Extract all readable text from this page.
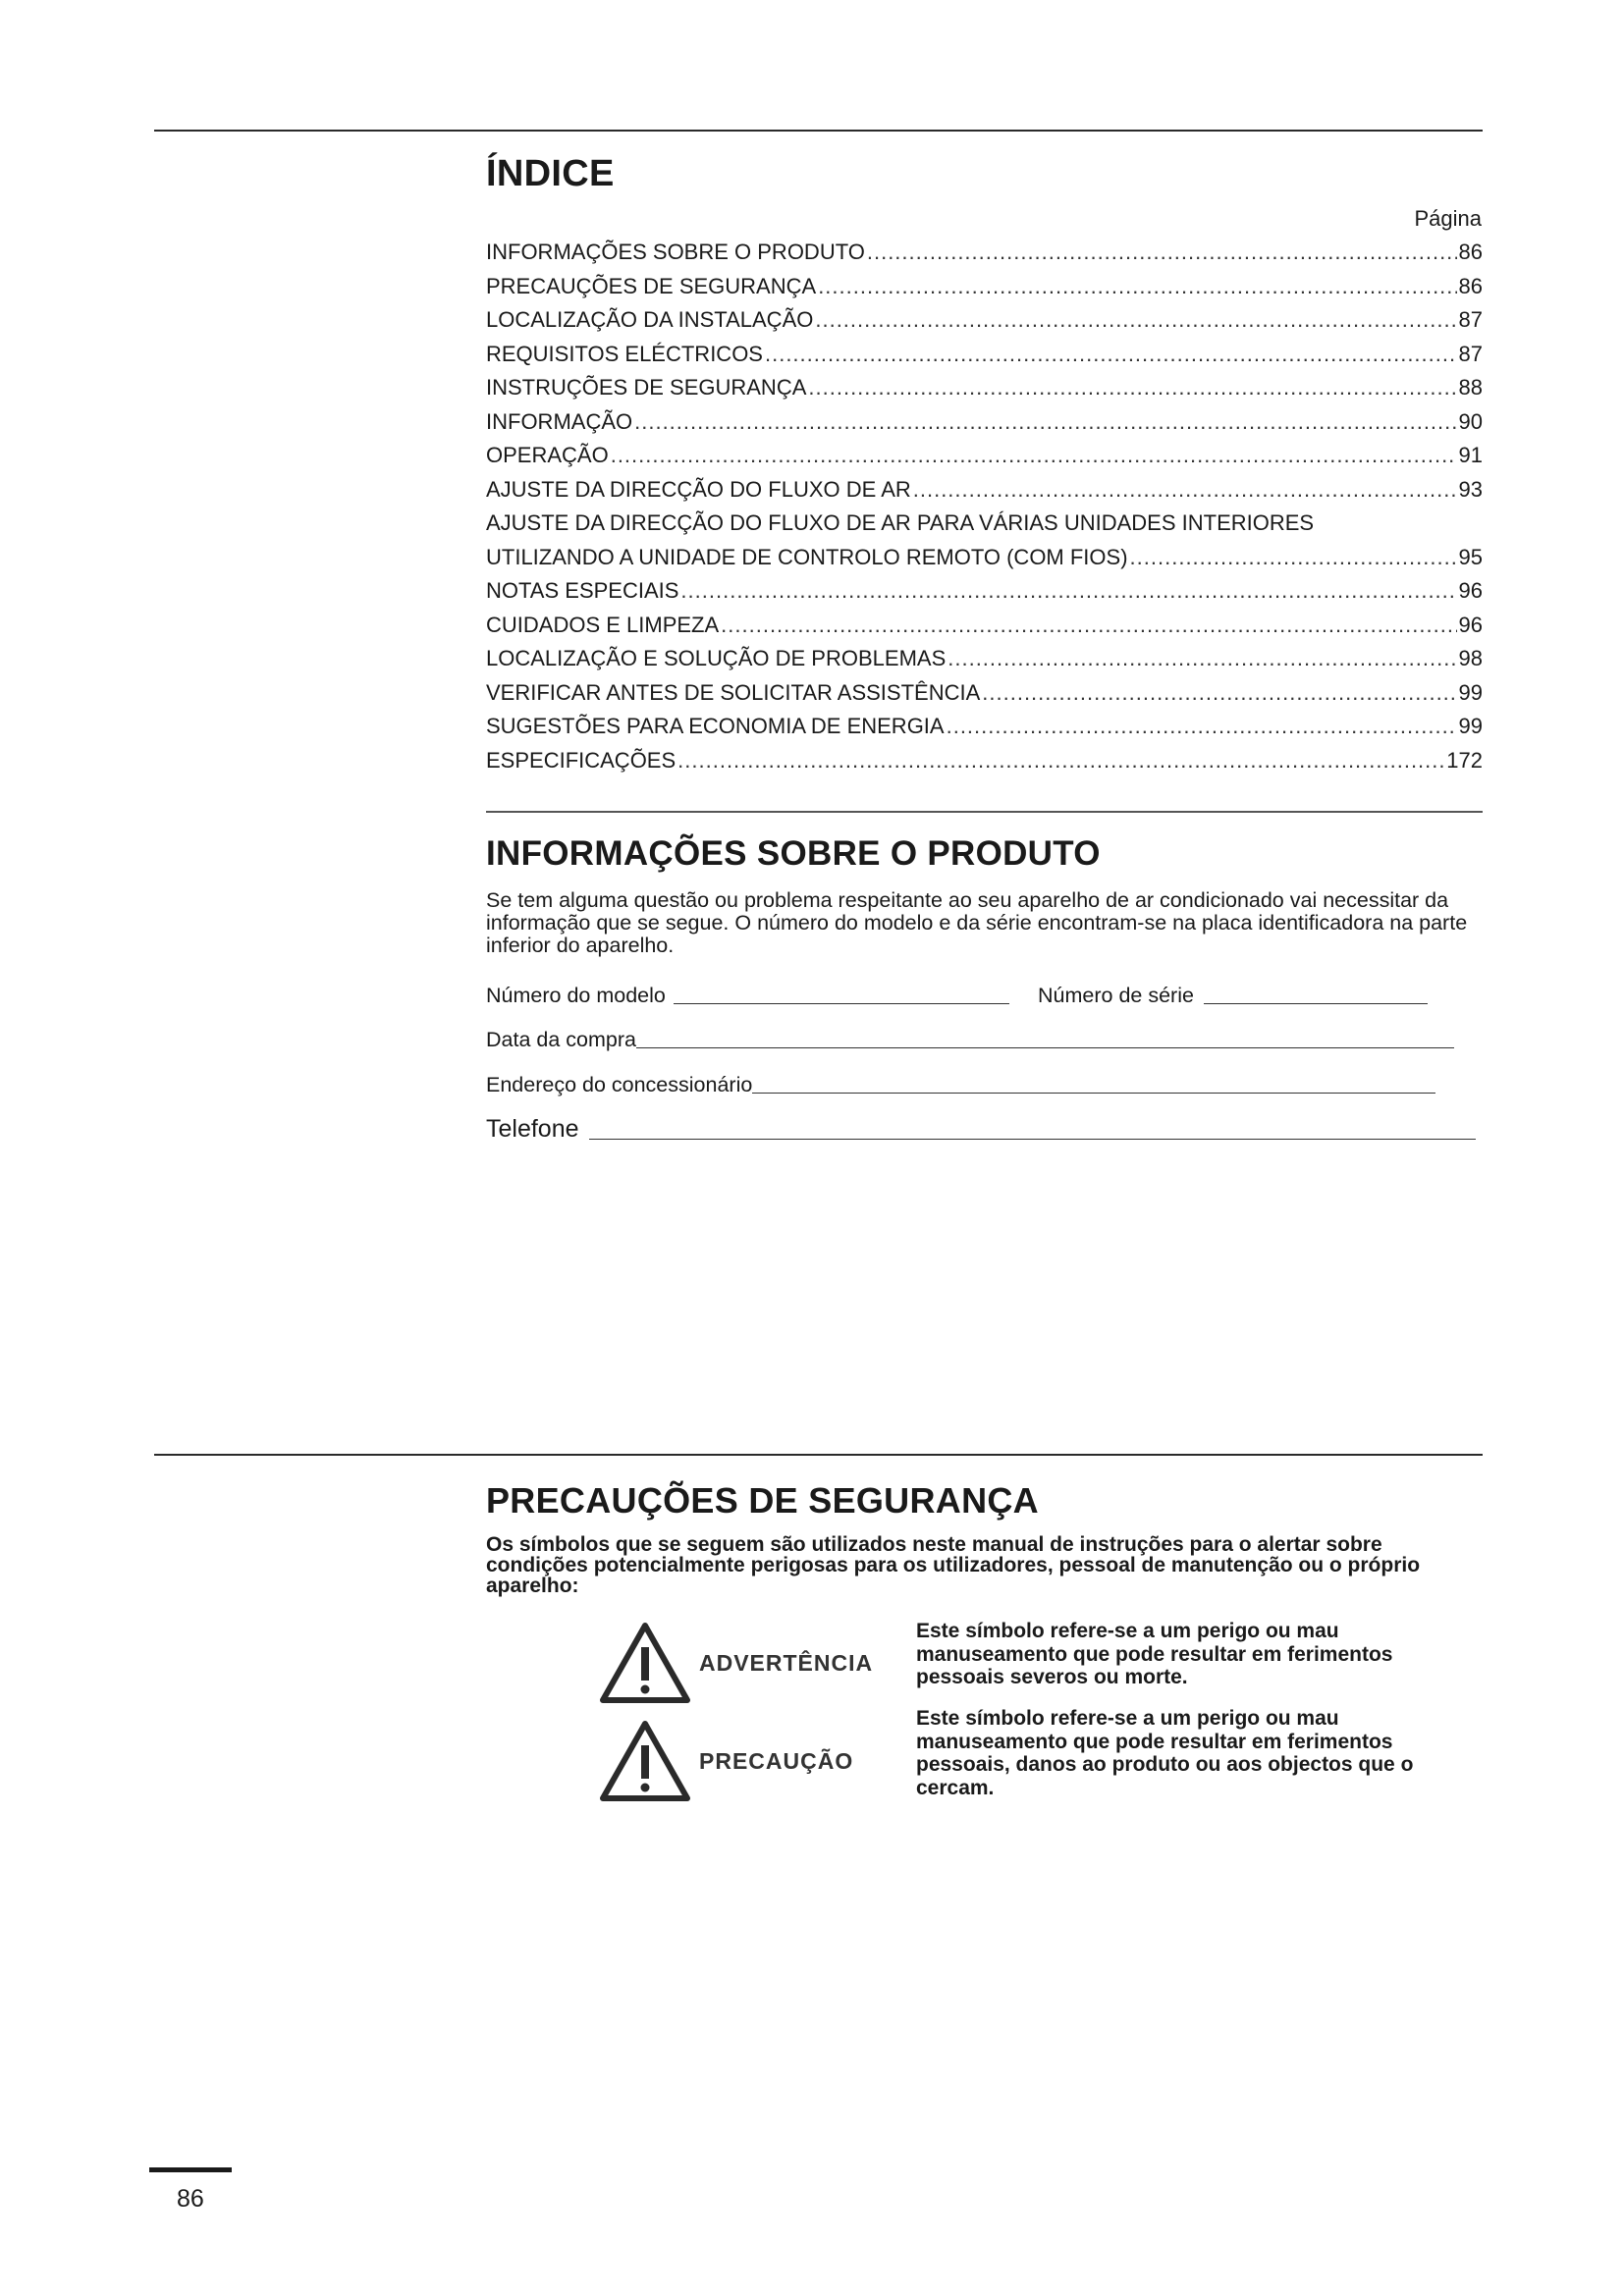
ÍNDICE
Página
INFORMAÇÕES SOBRE O PRODUTO .....	86
PRECAUÇÕES DE SEGURANÇA .....	86
LOCALIZAÇÃO DA INSTALAÇÃO .....	87
REQUISITOS ELÉCTRICOS .....	87
INSTRUÇÕES DE SEGURANÇA .....	88
INFORMAÇÃO .....	90
OPERAÇÃO .....	91
AJUSTE DA DIRECÇÃO DO FLUXO DE AR .....	93
AJUSTE DA DIRECÇÃO DO FLUXO DE AR PARA VÁRIAS UNIDADES INTERIORES
UTILIZANDO A UNIDADE DE CONTROLO REMOTO (COM FIOS) .....	95
NOTAS ESPECIAIS .....	96
CUIDADOS E LIMPEZA .....	96
LOCALIZAÇÃO E SOLUÇÃO DE PROBLEMAS .....	98
VERIFICAR ANTES DE SOLICITAR ASSISTÊNCIA .....	99
SUGESTÕES PARA ECONOMIA DE ENERGIA .....	99
ESPECIFICAÇÕES .....	172
INFORMAÇÕES SOBRE O PRODUTO
Se tem alguma questão ou problema respeitante ao seu aparelho de ar condicionado vai necessitar da informação que se segue. O número do modelo e da série encontram-se na placa identificadora na parte inferior do aparelho.
Número do modelo	Número de série
Data da compra
Endereço do concessionário
Telefone
PRECAUÇÕES DE SEGURANÇA
Os símbolos que se seguem são utilizados neste manual de instruções para o alertar sobre condições potencialmente perigosas para os utilizadores, pessoal de manutenção ou o próprio aparelho:
ADVERTÊNCIA
Este símbolo refere-se a um perigo ou mau manuseamento que pode resultar em ferimentos pessoais severos ou morte.
PRECAUÇÃO
Este símbolo refere-se a um perigo ou mau manuseamento que pode resultar em ferimentos pessoais, danos ao produto ou aos objectos que o cercam.
86
